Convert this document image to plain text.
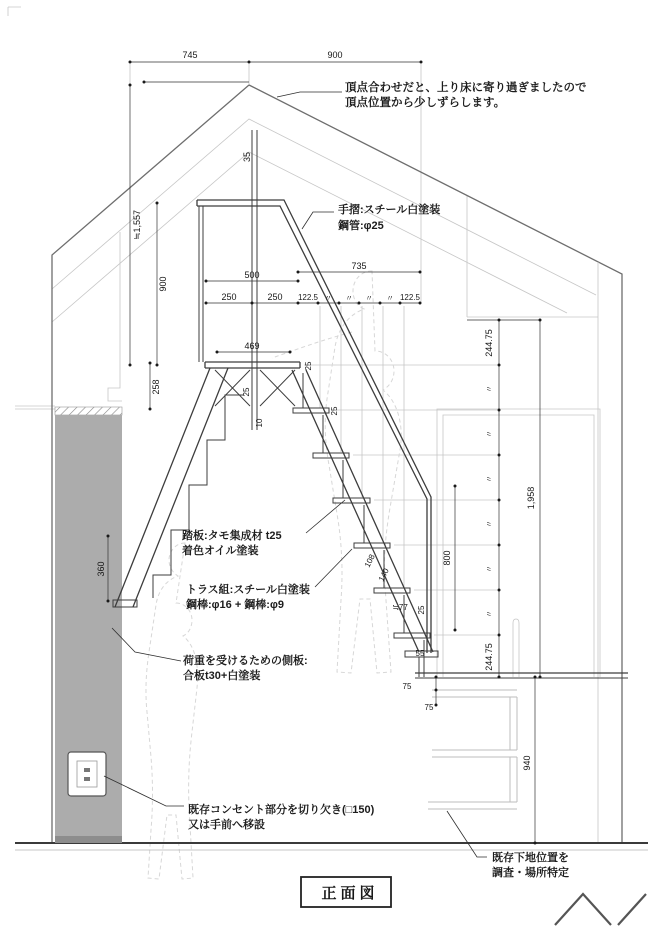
745	900
35
≒1,557
900
258
360
500
250	250
735
122.5 〃 〃 〃 〃 122.5
469
25
25
25
10
244.75
〃
〃
〃
〃
〃
〃
244.75
1,958
800
940
108
140
≒77 25
55
75
75
頂点合わせだと、上り床に寄り過ぎましたので
頂点位置から少しずらします。
手摺:スチール白塗装
鋼管:φ25
踏板:タモ集成材 t25
着色オイル塗装
トラス組:スチール白塗装
鋼棒:φ16 + 鋼棒:φ9
荷重を受けるための側板:
合板t30+白塗装
既存コンセント部分を切り欠き(□150)
又は手前へ移設
既存下地位置を
調査・場所特定
正面図
